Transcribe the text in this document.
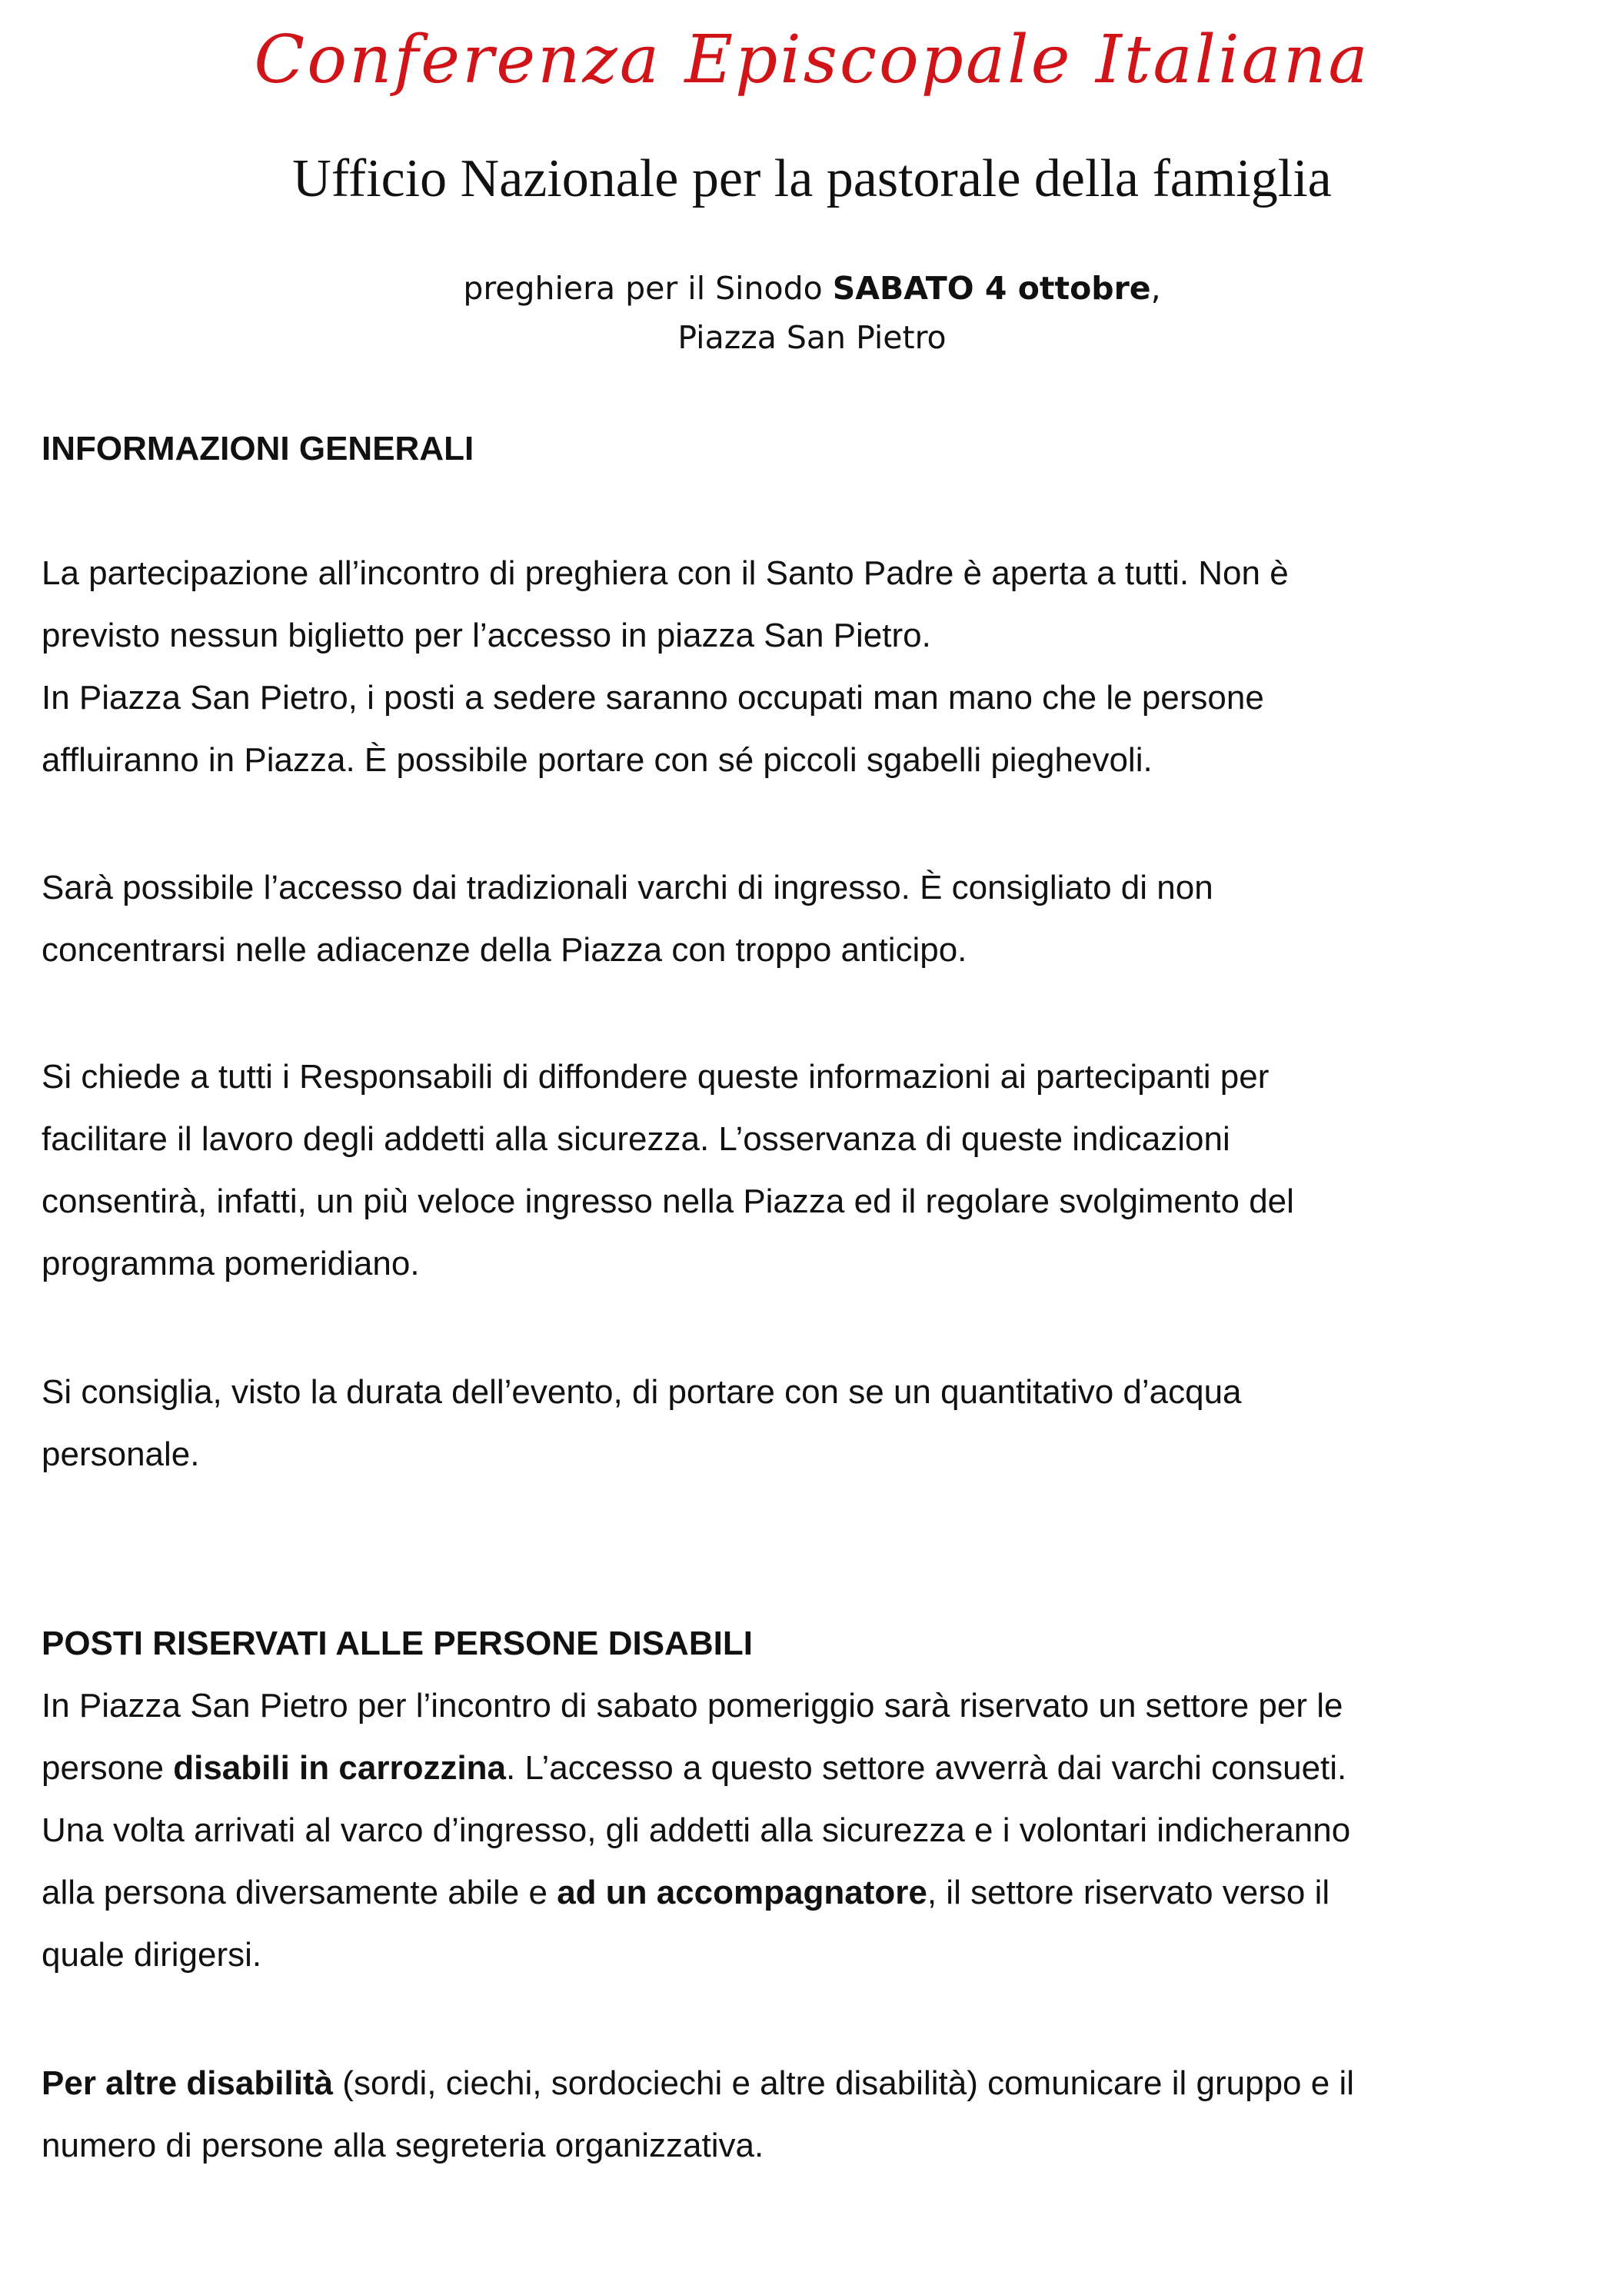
Conferenza Episcopale Italiana
Ufficio Nazionale per la pastorale della famiglia
preghiera per il Sinodo SABATO 4 ottobre,
Piazza San Pietro
INFORMAZIONI GENERALI
La partecipazione all’incontro di preghiera con il Santo Padre è aperta a tutti. Non è
previsto nessun biglietto per l’accesso in piazza San Pietro.
In Piazza San Pietro, i posti a sedere saranno occupati man mano che le persone
affluiranno in Piazza. È possibile portare con sé piccoli sgabelli pieghevoli.
Sarà possibile l’accesso dai tradizionali varchi di ingresso. È consigliato di non
concentrarsi nelle adiacenze della Piazza con troppo anticipo.
Si chiede a tutti i Responsabili di diffondere queste informazioni ai partecipanti per
facilitare il lavoro degli addetti alla sicurezza. L’osservanza di queste indicazioni
consentirà, infatti, un più veloce ingresso nella Piazza ed il regolare svolgimento del
programma pomeridiano.
Si consiglia, visto la durata dell’evento, di portare con se un quantitativo d’acqua
personale.
POSTI RISERVATI ALLE PERSONE DISABILI
In Piazza San Pietro per l’incontro di sabato pomeriggio sarà riservato un settore per le
persone disabili in carrozzina. L’accesso a questo settore avverrà dai varchi consueti.
Una volta arrivati al varco d’ingresso, gli addetti alla sicurezza e i volontari indicheranno
alla persona diversamente abile e ad un accompagnatore, il settore riservato verso il
quale dirigersi.
Per altre disabilità (sordi, ciechi, sordociechi e altre disabilità) comunicare il gruppo e il
numero di persone alla segreteria organizzativa.
